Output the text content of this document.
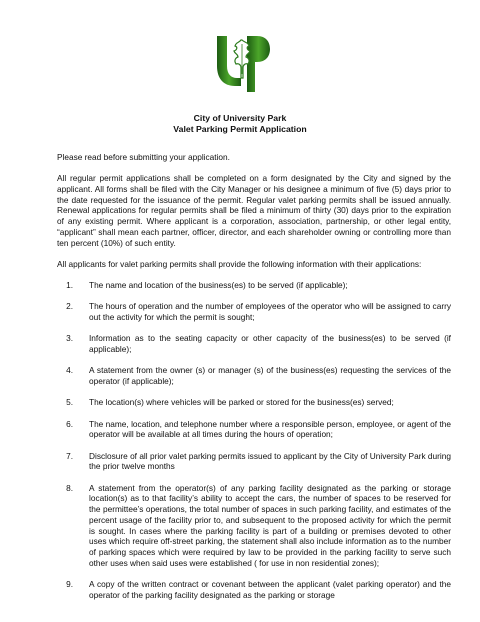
City of University Park
Valet Parking Permit Application

Please read before submitting your application.

All regular permit applications shall be completed on a form designated by the City and signed by the applicant. All forms shall be filed with the City Manager or his designee a minimum of five (5) days prior to the date requested for the issuance of the permit. Regular valet parking permits shall be issued annually. Renewal applications for regular permits shall be filed a minimum of thirty (30) days prior to the expiration of any existing permit. Where applicant is a corporation, association, partnership, or other legal entity, “applicant” shall mean each partner, officer, director, and each shareholder owning or controlling more than ten percent (10%) of such entity.

All applicants for valet parking permits shall provide the following information with their applications:

1. The name and location of the business(es) to be served (if applicable);
2. The hours of operation and the number of employees of the operator who will be assigned to carry out the activity for which the permit is sought;
3. Information as to the seating capacity or other capacity of the business(es) to be served (if applicable);
4. A statement from the owner (s) or manager (s) of the business(es) requesting the services of the operator (if applicable);
5. The location(s) where vehicles will be parked or stored for the business(es) served;
6. The name, location, and telephone number where a responsible person, employee, or agent of the operator will be available at all times during the hours of operation;
7. Disclosure of all prior valet parking permits issued to applicant by the City of University Park during the prior twelve months
8. A statement from the operator(s) of any parking facility designated as the parking or storage location(s) as to that facility’s ability to accept the cars, the number of spaces to be reserved for the permittee’s operations, the total number of spaces in such parking facility, and estimates of the percent usage of the facility prior to, and subsequent to the proposed activity for which the permit is sought. In cases where the parking facility is part of a building or premises devoted to other uses which require off-street parking, the statement shall also include information as to the number of parking spaces which were required by law to be provided in the parking facility to serve such other uses when said uses were established ( for use in non residential zones);
9. A copy of the written contract or covenant between the applicant (valet parking operator) and the operator of the parking facility designated as the parking or storage
